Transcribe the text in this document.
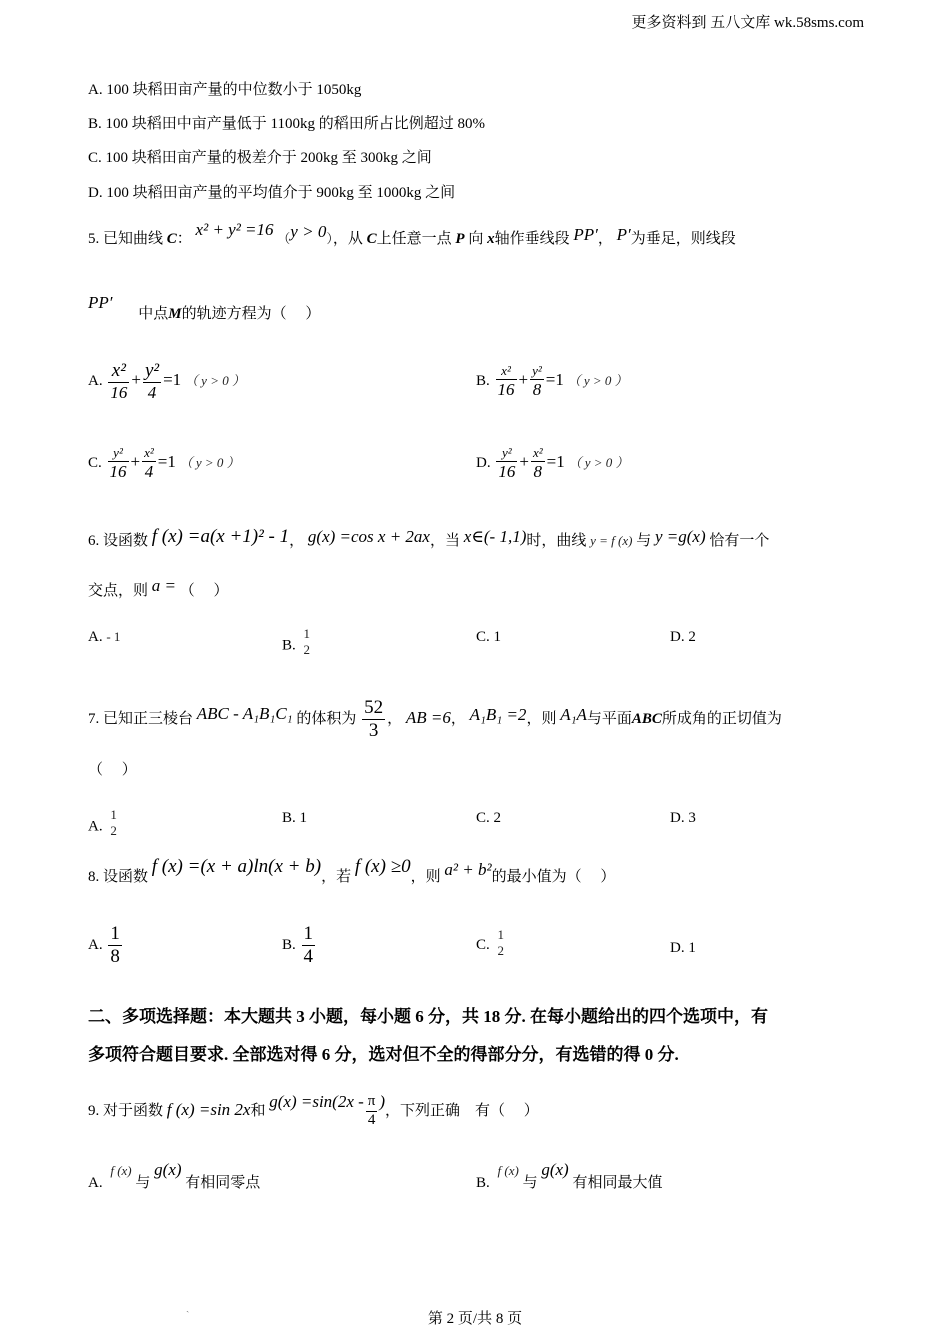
更多资料到 五八文库 wk.58sms.com
A. 100 块稻田亩产量的中位数小于 1050kg
B. 100 块稻田中亩产量低于 1100kg 的稻田所占比例超过 80%
C. 100 块稻田亩产量的极差介于 200kg 至 300kg 之间
D. 100 块稻田亩产量的平均值介于 900kg 至 1000kg 之间
5. 已知曲线 C： x² + y² =16 （y > 0），从 C上任意一点 P 向 x轴作垂线段 PP′， P′为垂足，则线段
PP′ 中点M的轨迹方程为（　 ）
A. $\frac{\text{x²}}{16} + \frac{\text{y²}}{4} =1$ （ y > 0 ）	B. $\frac{\text{x²}}{16} + \frac{\text{y²}}{8} =1$ （ y > 0 ）
C. $\frac{\text{y²}}{16} + \frac{\text{x²}}{4} =1$ （ y > 0 ）	D. $\frac{\text{y²}}{16} + \frac{\text{x²}}{8} =1$ （ y > 0 ）
6. 设函数 f (x) =a(x +1)² - 1， g(x) =cos x + 2ax，当 x∈(- 1,1)时，曲线 y = f (x) 与 y =g(x) 恰有一个
交点，则 a = （　 ）
A. - 1
B.
1
2
C. 1	D. 2
7. 已知正三棱台 ABC - A₁B₁C₁ 的体积为 $\frac{52}{3}$ ， AB =6， A₁B₁ =2，则 A₁A与平面ABC所成角的正切值为
（　 ）
A.
1
2
B. 1	C. 2	D. 3
8. 设函数 f (x) =(x + a)ln(x + b)，若 f (x) ≥0，则 a² + b²的最小值为（　 ）
A. $\frac{1}{8}$	B. $\frac{1}{4}$	C.
1
2	D. 1
二、多项选择题：本大题共 3 小题，每小题 6 分，共 18 分. 在每小题给出的四个选项中，有
多项符合题目要求. 全部选对得 6 分，选对但不全的得部分分，有选错的得 0 分.
9. 对于函数 f (x) =sin 2x和 $g(x) =\sin(2x - \frac{\pi}{4}$ )，下列正确　有（　 ）
A. f (x) 与 g(x) 有相同零点	B. f (x) 与 g(x) 有相同最大值
ˎ
第 2 页/共 8 页
